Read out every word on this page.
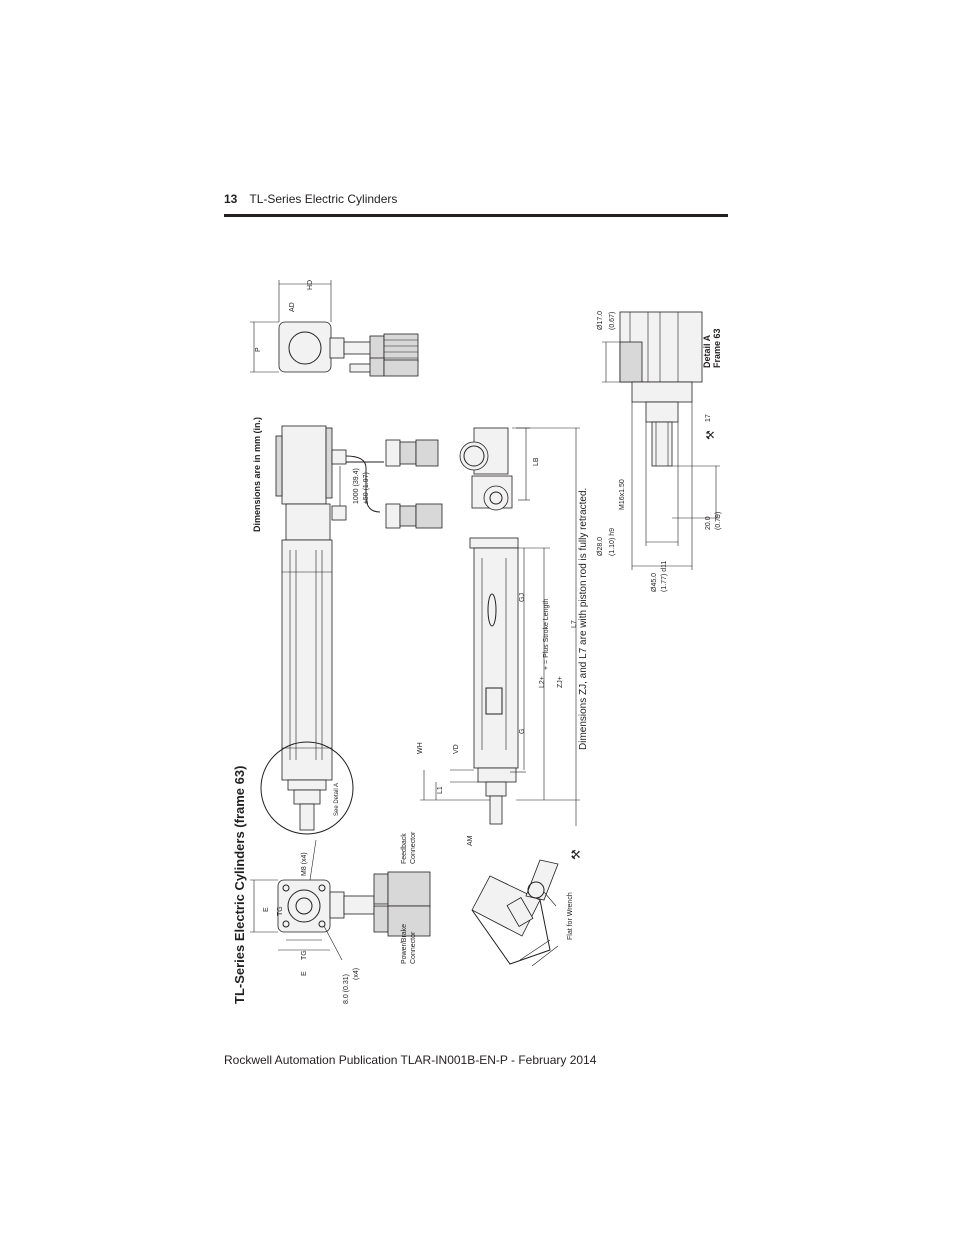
13 TL-Series Electric Cylinders
TL-Series Electric Cylinders (frame 63)
Dimensions are in mm (in.)
Dimensions ZJ, and L7 are with piston rod is fully retracted.
P
AD
HD
1000 (39.4) ±50 (1.97)
See Detail A
LB
GJ
L2+ ZJ+
+ = Plus Stroke Length	L7
G
WH	VD
L1
AM
E TG
TG
E
M8 (x4)
8.0 (0.31)
(x4)
Feedback Connector
Power/Brake Connector
Flat for Wrench
⚒
Ø17.0 (0.67)
Detail A Frame 63
17
⚒
M16x1.50
Ø28.0 (1.10) h9
20.0 (0.79)
Ø45.0 (1.77) d11
Rockwell Automation Publication TLAR-IN001B-EN-P - February 2014
